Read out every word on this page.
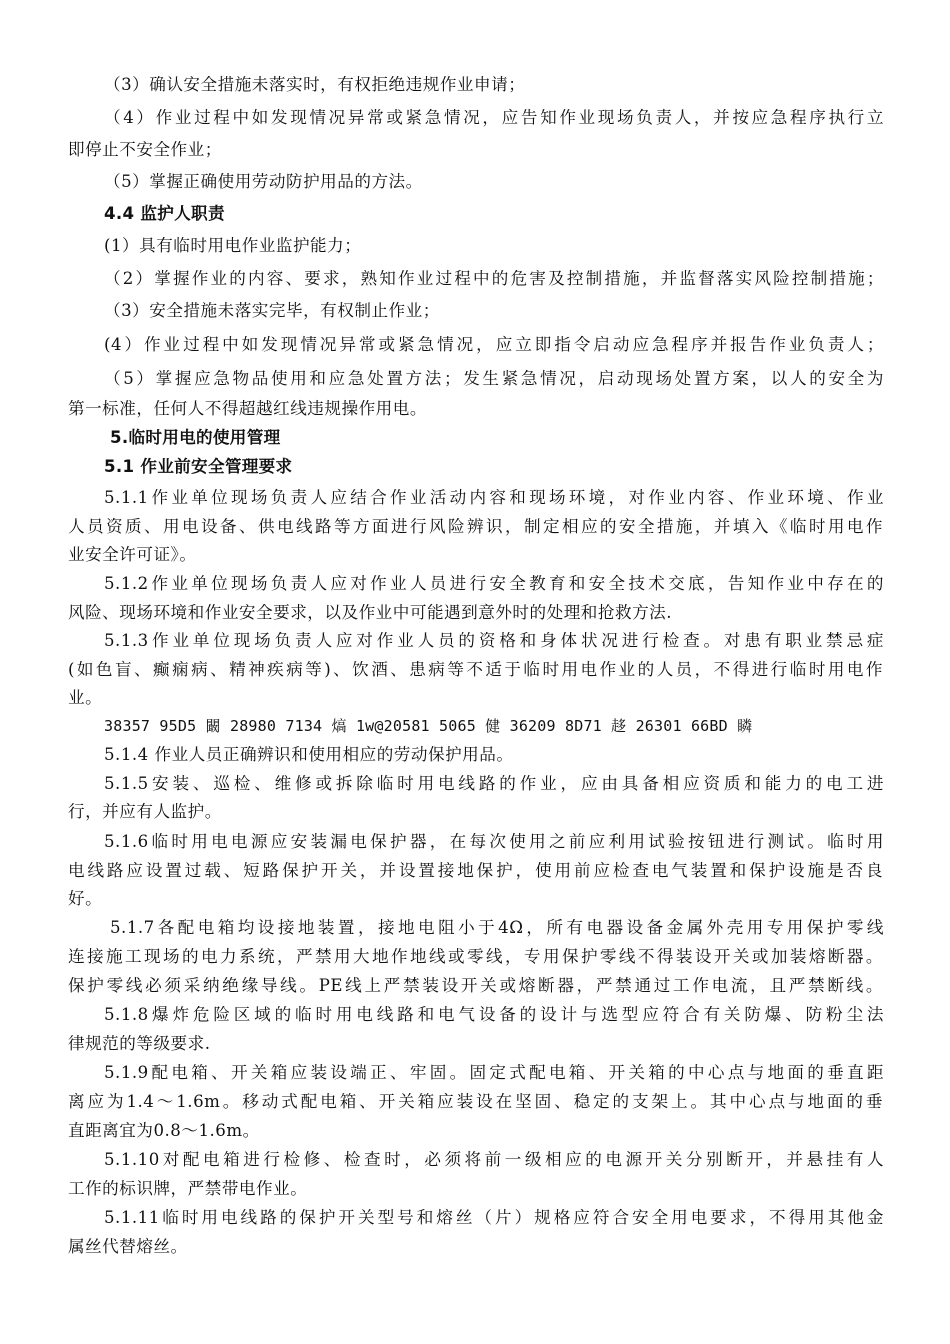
（3）确认安全措施未落实时，有权拒绝违规作业申请；

（4）作业过程中如发现情况异常或紧急情况，应告知作业现场负责人，并按应急程序执行立

即停止不安全作业；

（5）掌握正确使用劳动防护用品的方法。

4.4 监护人职责

(1）具有临时用电作业监护能力；

（2）掌握作业的内容、要求，熟知作业过程中的危害及控制措施，并监督落实风险控制措施；

（3）安全措施未落实完毕，有权制止作业；

(4）作业过程中如发现情况异常或紧急情况，应立即指令启动应急程序并报告作业负责人；

（5）掌握应急物品使用和应急处置方法；发生紧急情况，启动现场处置方案，以人的安全为

第一标准，任何人不得超越红线违规操作用电。

5.临时用电的使用管理

5.1 作业前安全管理要求

5.1.1作业单位现场负责人应结合作业活动内容和现场环境，对作业内容、作业环境、作业

人员资质、用电设备、供电线路等方面进行风险辨识，制定相应的安全措施，并填入《临时用电作

业安全许可证》。

5.1.2作业单位现场负责人应对作业人员进行安全教育和安全技术交底，告知作业中存在的

风险、现场环境和作业安全要求，以及作业中可能遇到意外时的处理和抢救方法.

5.1.3作业单位现场负责人应对作业人员的资格和身体状况进行检查。对患有职业禁忌症

(如色盲、癫痫病、精神疾病等)、饮酒、患病等不适于临时用电作业的人员，不得进行临时用电作

业。

38357 95D5 闞 28980 7134 熇 1w@20581 5065 健 36209 8D71 趍 26301 66BD 瞵

5.1.4 作业人员正确辨识和使用相应的劳动保护用品。

5.1.5安装、巡检、维修或拆除临时用电线路的作业，应由具备相应资质和能力的电工进

行，并应有人监护。

5.1.6临时用电电源应安装漏电保护器，在每次使用之前应利用试验按钮进行测试。临时用

电线路应设置过载、短路保护开关，并设置接地保护，使用前应检查电气装置和保护设施是否良

好。

5.1.7各配电箱均设接地装置，接地电阻小于4Ω，所有电器设备金属外壳用专用保护零线

连接施工现场的电力系统，严禁用大地作地线或零线，专用保护零线不得装设开关或加装熔断器。

保护零线必须采纳绝缘导线。PE线上严禁装设开关或熔断器，严禁通过工作电流，且严禁断线。

5.1.8爆炸危险区域的临时用电线路和电气设备的设计与选型应符合有关防爆、防粉尘法

律规范的等级要求.

5.1.9配电箱、开关箱应装设端正、牢固。固定式配电箱、开关箱的中心点与地面的垂直距

离应为1.4～1.6m。移动式配电箱、开关箱应装设在坚固、稳定的支架上。其中心点与地面的垂

直距离宜为0.8～1.6m。

5.1.10对配电箱进行检修、检查时，必须将前一级相应的电源开关分别断开，并悬挂有人

工作的标识牌，严禁带电作业。

5.1.11临时用电线路的保护开关型号和熔丝（片）规格应符合安全用电要求，不得用其他金

属丝代替熔丝。
